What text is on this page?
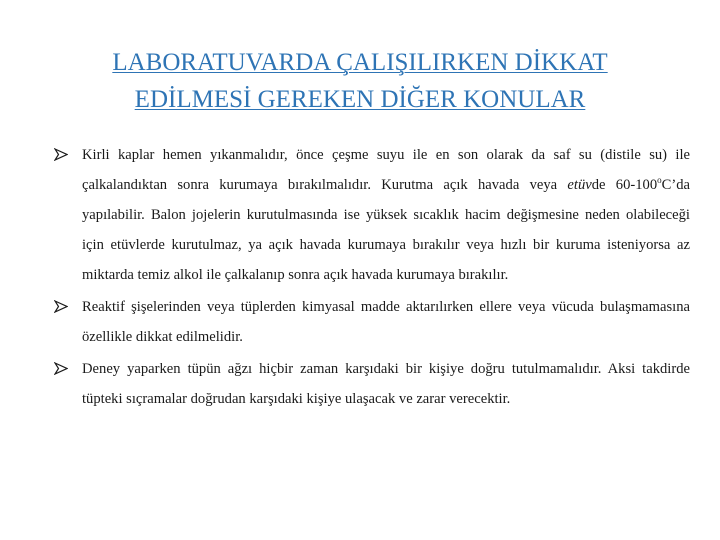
LABORATUVARDA ÇALIŞILIRKEN DİKKAT
EDİLMESİ GEREKEN DİĞER KONULAR
Kirli kaplar hemen yıkanmalıdır, önce çeşme suyu ile en son olarak da saf su (distile su) ile çalkalandıktan sonra kurumaya bırakılmalıdır. Kurutma açık havada veya etüvde 60-100$^o$C’da yapılabilir. Balon jojelerin kurutulmasında ise yüksek sıcaklık hacim değişmesine neden olabileceği için etüvlerde kurutulmaz, ya açık havada kurumaya bırakılır veya hızlı bir kuruma isteniyorsa az miktarda temiz alkol ile çalkalanıp sonra açık havada kurumaya bırakılır.
Reaktif şişelerinden veya tüplerden kimyasal madde aktarılırken ellere veya vücuda bulaşmamasına özellikle dikkat edilmelidir.
Deney yaparken tüpün ağzı hiçbir zaman karşıdaki bir kişiye doğru tutulmamalıdır. Aksi takdirde tüpteki sıçramalar doğrudan karşıdaki kişiye ulaşacak ve zarar verecektir.
